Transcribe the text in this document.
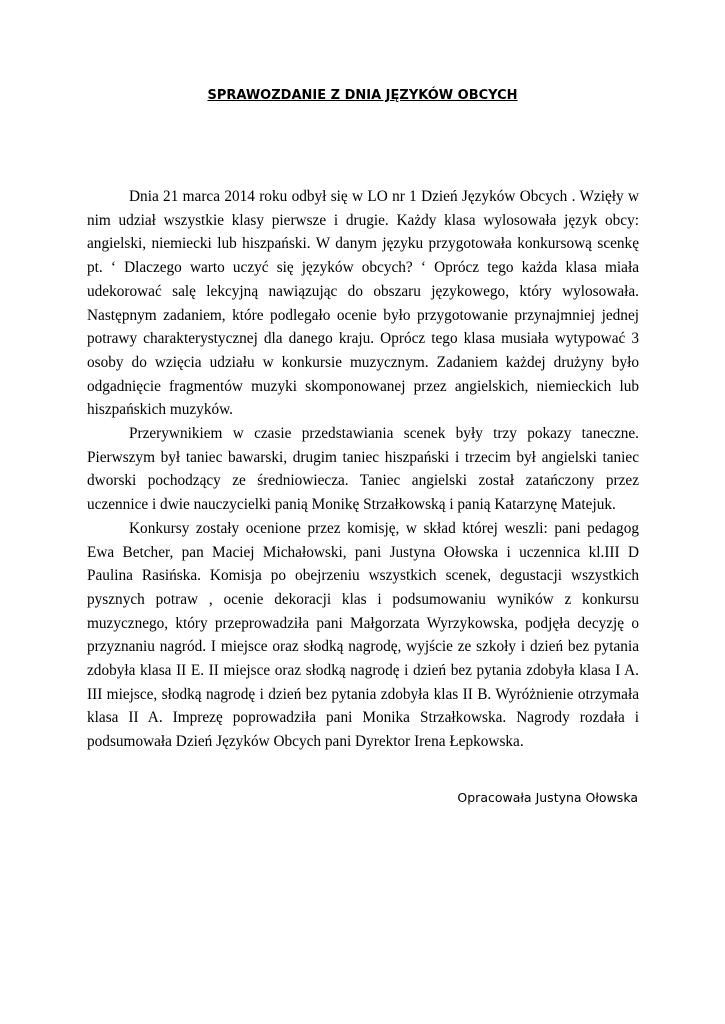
SPRAWOZDANIE Z DNIA JĘZYKÓW OBCYCH

Dnia 21 marca 2014 roku odbył się w LO nr 1 Dzień Języków Obcych . Wzięły w nim udział wszystkie klasy pierwsze i drugie. Każdy klasa wylosowała język obcy: angielski, niemiecki lub hiszpański. W danym języku przygotowała konkursową scenkę pt. ‘ Dlaczego warto uczyć się języków obcych? ‘ Oprócz tego każda klasa miała udekorować salę lekcyjną nawiązując do obszaru językowego, który wylosowała. Następnym zadaniem, które podlegało ocenie było przygotowanie przynajmniej jednej potrawy charakterystycznej dla danego kraju. Oprócz tego klasa musiała wytypować 3 osoby do wzięcia udziału w konkursie muzycznym. Zadaniem każdej drużyny było odgadnięcie fragmentów muzyki skomponowanej przez angielskich, niemieckich lub hiszpańskich muzyków.

Przerywnikiem w czasie przedstawiania scenek były trzy pokazy taneczne. Pierwszym był taniec bawarski, drugim taniec hiszpański i trzecim był angielski taniec dworski pochodzący ze średniowiecza. Taniec angielski został zatańczony przez uczennice i dwie nauczycielki panią Monikę Strzałkowską i panią Katarzynę Matejuk.

Konkursy zostały ocenione przez komisję, w skład której weszli: pani pedagog Ewa Betcher, pan Maciej Michałowski, pani Justyna Ołowska i uczennica kl.III D Paulina Rasińska. Komisja po obejrzeniu wszystkich scenek, degustacji wszystkich pysznych potraw , ocenie dekoracji klas i podsumowaniu wyników z konkursu muzycznego, który przeprowadziła pani Małgorzata Wyrzykowska, podjęła decyzję o przyznaniu nagród. I miejsce oraz słodką nagrodę, wyjście ze szkoły i dzień bez pytania zdobyła klasa II E. II miejsce oraz słodką nagrodę i dzień bez pytania zdobyła klasa I A. III miejsce, słodką nagrodę i dzień bez pytania zdobyła klas II B. Wyróżnienie otrzymała klasa II A. Imprezę poprowadziła pani Monika Strzałkowska. Nagrody rozdała i podsumowała Dzień Języków Obcych pani Dyrektor Irena Łepkowska.

Opracowała Justyna Ołowska
